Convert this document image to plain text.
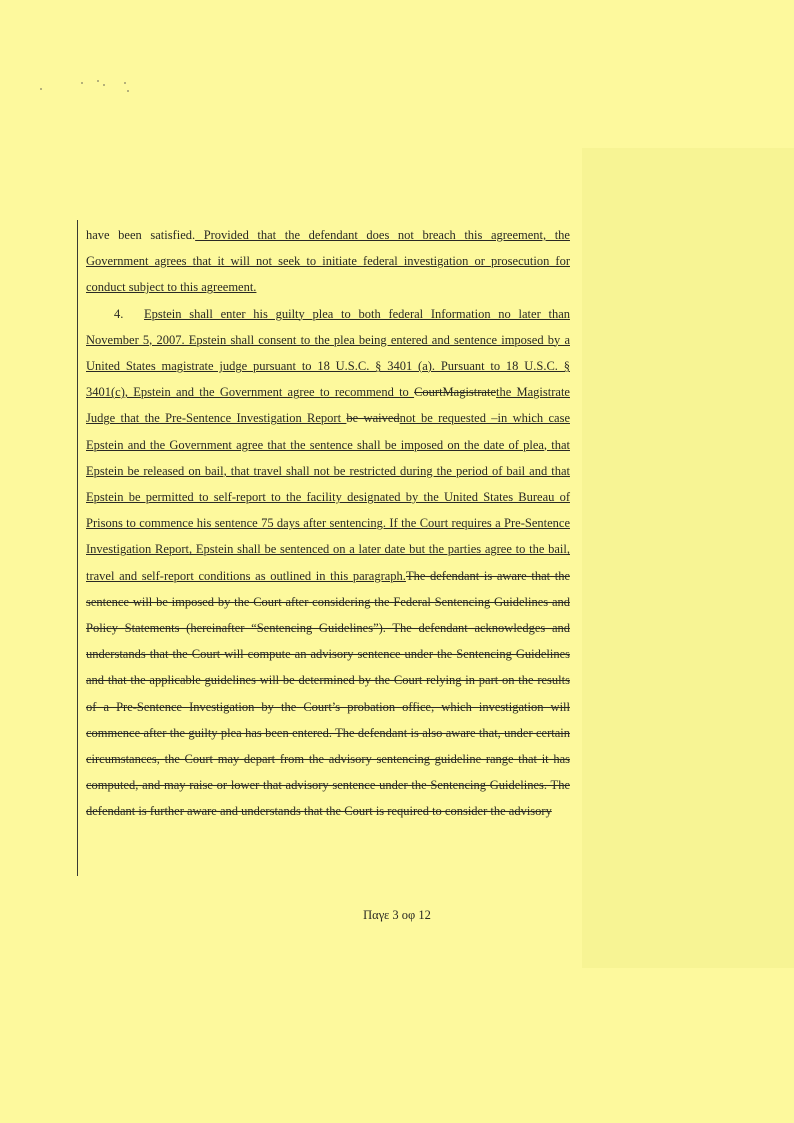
have been satisfied. Provided that the defendant does not breach this agreement, the Government agrees that it will not seek to initiate federal investigation or prosecution for conduct subject to this agreement.

4. Epstein shall enter his guilty plea to both federal Information no later than November 5, 2007. Epstein shall consent to the plea being entered and sentence imposed by a United States magistrate judge pursuant to 18 U.S.C. § 3401 (a). Pursuant to 18 U.S.C. § 3401(c), Epstein and the Government agree to recommend to CourtMagistratethe Magistrate Judge that the Pre-Sentence Investigation Report be waivednot be requested –in which case Epstein and the Government agree that the sentence shall be imposed on the date of plea, that Epstein be released on bail, that travel shall not be restricted during the period of bail and that Epstein be permitted to self-report to the facility designated by the United States Bureau of Prisons to commence his sentence 75 days after sentencing. If the Court requires a Pre-Sentence Investigation Report, Epstein shall be sentenced on a later date but the parties agree to the bail, travel and self-report conditions as outlined in this paragraph.The defendant is aware that the sentence will be imposed by the Court after considering the Federal Sentencing Guidelines and Policy Statements (hereinafter “Sentencing Guidelines”). The defendant acknowledges and understands that the Court will compute an advisory sentence under the Sentencing Guidelines and that the applicable guidelines will be determined by the Court relying in part on the results of a Pre-Sentence Investigation by the Court’s probation office, which investigation will commence after the guilty plea has been entered. The defendant is also aware that, under certain circumstances, the Court may depart from the advisory sentencing guideline range that it has computed, and may raise or lower that advisory sentence under the Sentencing Guidelines. The defendant is further aware and understands that the Court is required to consider the advisory

Παγε 3 οφ 12
